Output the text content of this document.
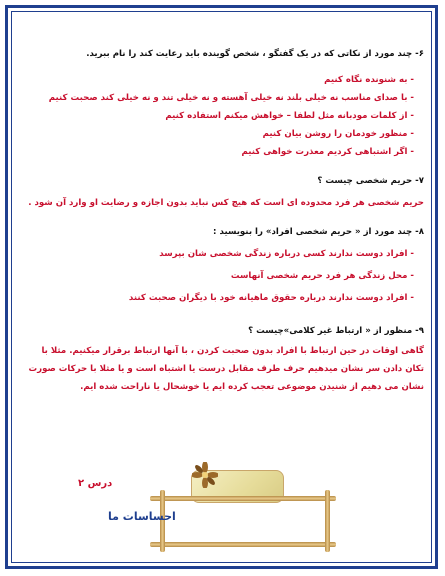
۶- چند مورد از نکاتی که در یک گفتگو ، شخص گوینده باید رعایت کند را نام ببرید.

- به شنونده نگاه کنیم

- با صدای مناسب نه خیلی بلند نه خیلی آهسته و نه خیلی تند و نه خیلی کند صحبت کنیم

- از کلمات مودبانه مثل لطفا – خواهش میکنم استفاده کنیم

- منظور خودمان را روشن بیان کنیم

- اگر اشتباهی کردیم معذرت خواهی کنیم

۷- حریم شخصی چیست ؟

حریم شخصی هر فرد محدوده ای است که هیچ کس نباید بدون اجازه و رضایت او وارد آن شود .

۸- چند مورد از « حریم شخصی افراد» را بنویسید :

- افراد دوست ندارند کسی درباره زندگی شخصی شان بپرسد

- محل زندگی هر فرد حریم شخصی آنهاست

- افراد دوست ندارند درباره حقوق ماهیانه خود با دیگران صحبت کنند

۹- منظور از « ارتباط غیر کلامی»چیست ؟

گاهی اوقات در حین ارتباط با افراد بدون صحبت کردن ، با آنها ارتباط برقرار میکنیم. مثلا با تکان دادن سر نشان میدهیم حرف طرف مقابل درست یا اشتباه است و یا مثلا با حرکات صورت نشان می دهیم از شنیدن موضوعی تعجب کرده ایم یا خوشحال یا ناراحت شده ایم.

درس ۲
احساسات ما
